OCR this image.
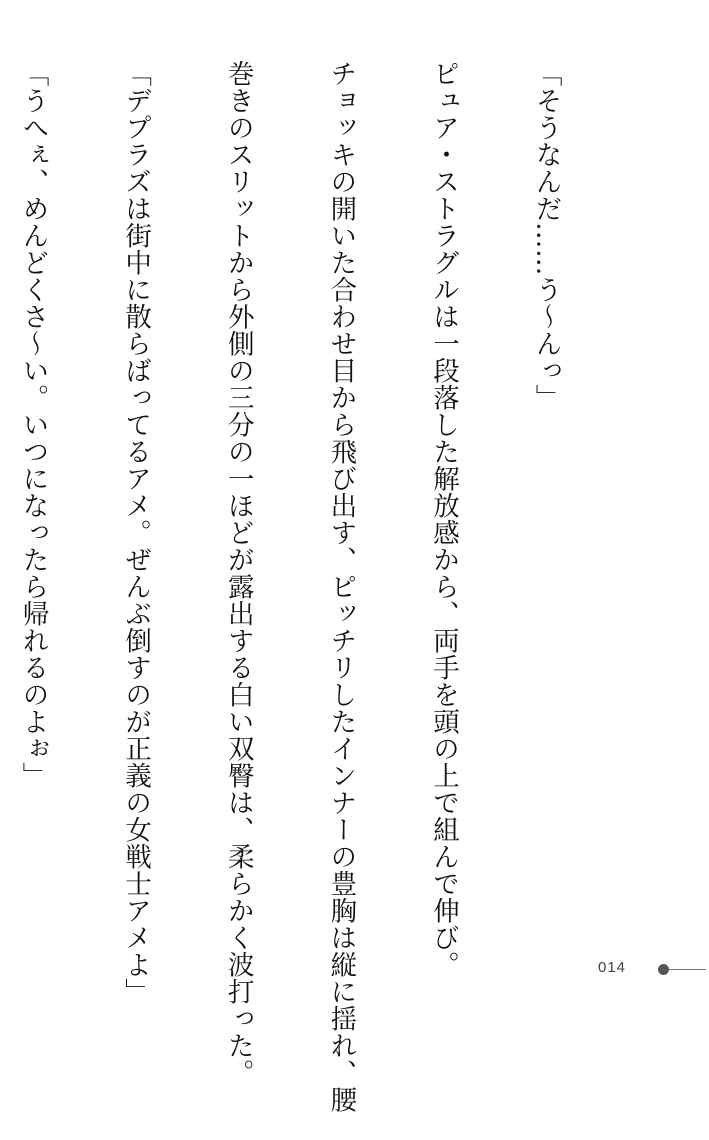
「そうなんだ……う〜んっ」

ピュア・ストラグルは一段落した解放感から、両手を頭の上で組んで伸び。

チョッキの開いた合わせ目から飛び出す、ピッチリしたインナーの豊胸は縦に揺れ、腰

巻きのスリットから外側の三分の一ほどが露出する白い双臀は、柔らかく波打った。

「デプラズは街中に散らばってるアメ。ぜんぶ倒すのが正義の女戦士アメよ」

「うへぇ、めんどくさ〜い。いつになったら帰れるのよぉ」

014
